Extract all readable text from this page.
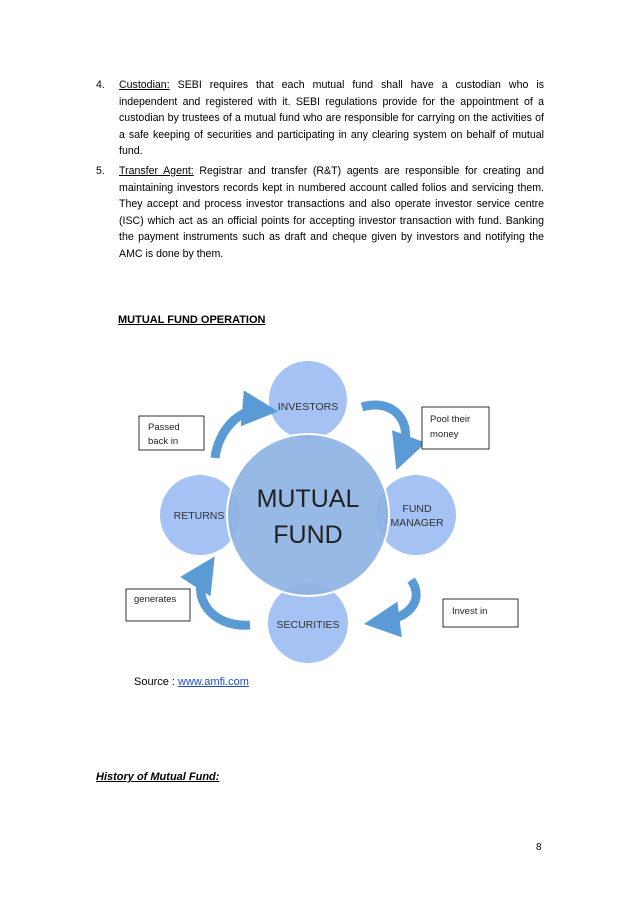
4. Custodian: SEBI requires that each mutual fund shall have a custodian who is independent and registered with it. SEBI regulations provide for the appointment of a custodian by trustees of a mutual fund who are responsible for carrying on the activities of a safe keeping of securities and participating in any clearing system on behalf of mutual fund.
5. Transfer Agent: Registrar and transfer (R&T) agents are responsible for creating and maintaining investors records kept in numbered account called folios and servicing them. They accept and process investor transactions and also operate investor service centre (ISC) which act as an official points for accepting investor transaction with fund. Banking the payment instruments such as draft and cheque given by investors and notifying the AMC is done by them.
MUTUAL FUND OPERATION
INVESTORS
FUND
MANAGER
SECURITIES
RETURNS
MUTUAL
FUND
Passed
back in
Pool their
money
Invest in
generates
Source : www.amfi.com
History of Mutual Fund:
8
